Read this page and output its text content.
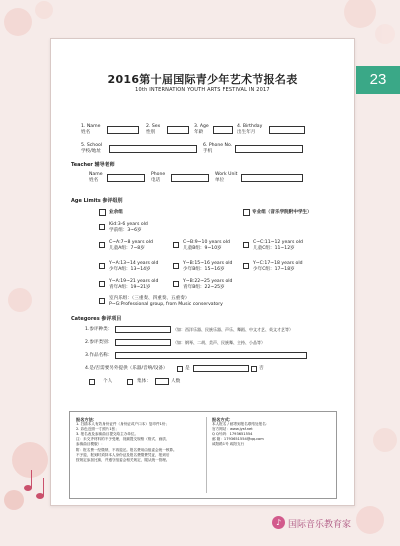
23
2016第十届国际青少年艺术节报名表
10th INTERNATION YOUTH ARTS FESTIVAL IN 2017
1. Name
姓名
2. Sex
性别
3. Age
年龄
4. Birthday
出生年月
5. School
学校/地址
6. Phone No.
手机
Teacher 辅导老师
Name
姓名
Phone
电话
Work Unit
单位
Age Limits 参评组别
业余组	专业组（音乐学院附中学生）
Kid:3-6 years old
学前组：3~6岁
C~A:7~8 years old
儿童A组：7~8岁
C~B:9~10 years old
儿童B组：9~10岁
C~C:11~12 years old
儿童C组：11~12岁
Y~A:13~14 years old
少年A组：13~14岁
Y~B:15~16 years old
少年B组：15~16岁
Y~C:17~18 years old
少年C组：17~18岁
Y~A:19~21 years old
青年A组：19~21岁
Y~B:22~25 years old
青年B组：22~25岁
室内乐组：（三重奏、四重奏、五重奏）
P~G:Professional group, from Music conservatory
Categores 参评项目
1.参评种类：	（如：西洋乐器、民族乐器、声乐、舞蹈、中文才艺、英文才艺等）
2.参评类别：	（如：钢琴、二胡、美声、民族舞、主持、小品等）
3.作品名称：
4.是/否需要另外提供（乐器/音响/设备）	是	否
个人	集体：	人数
报名方法：
1. 扫描本人有效身份证件（身份证或户口本）复印件1份；
2. 彩色近照一寸照片1张；
3. 报名表及参赛曲目提交给主办单位。
注：未交齐材料的不予受理，视频提交规格（格式、画质、
参赛曲目模版）：
附：报名费一经缴纳，不再退还。报名费用由组委会统一核算。
不予退，报到时须持本人身份证及报名费缴费凭证，报到后
按规定参加比赛，并遵守组委会相关规定，服从统一管理。
报名方式：
本人报名 / 邮寄到报名联络处报名：
官方网站：www.jysf.net
Q Q号码：1793651554
邮 箱：1793651554@qq.com
咸阳路1号 咸阳支行
♪ 国际音乐教育家
